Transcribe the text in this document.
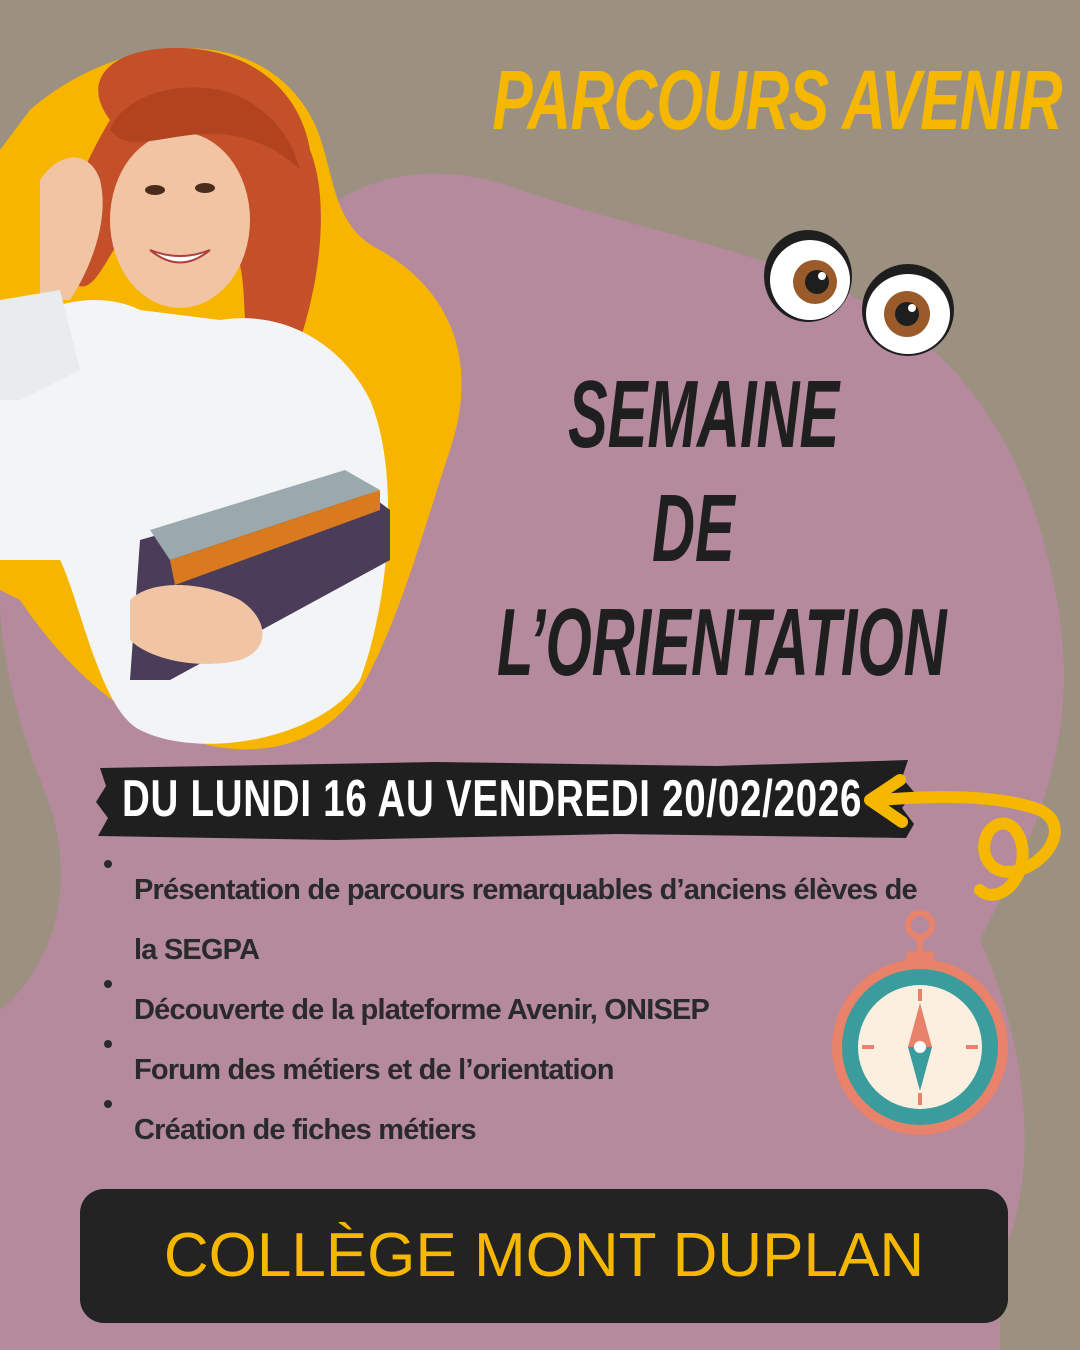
PARCOURS AVENIR
SEMAINE
DE
L’ORIENTATION
DU LUNDI 16 AU VENDREDI 20/02/2026
Présentation de parcours remarquables d’anciens élèves de la SEGPA
Découverte de la plateforme Avenir, ONISEP
Forum des métiers et de l’orientation
Création de fiches métiers
COLLÈGE MONT DUPLAN
